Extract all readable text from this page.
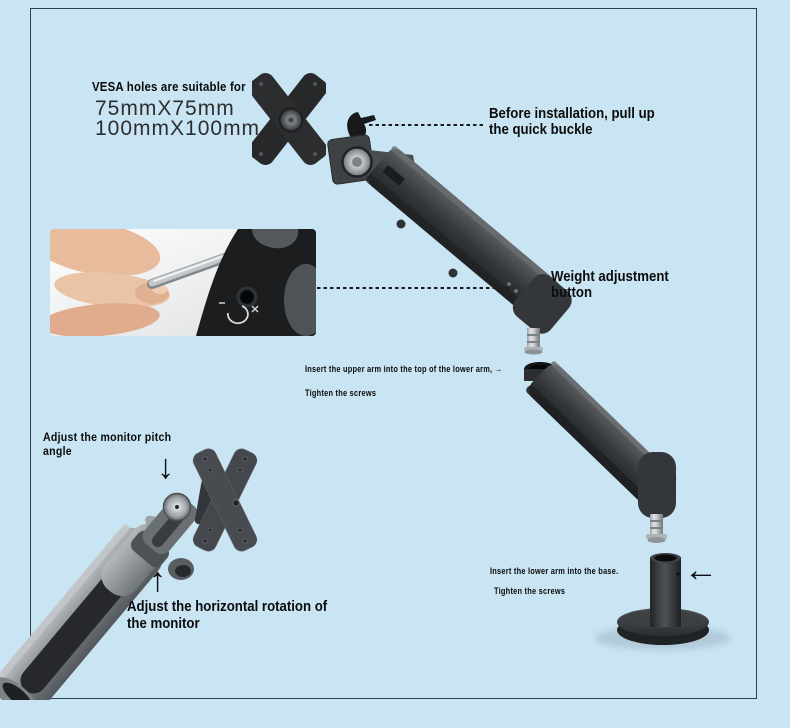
VESA holes are suitable for
75mmX75mm
100mmX100mm
Before installation, pull up
the quick buckle
Weight adjustment
button
Insert the upper arm into the top of the lower arm, →
Tighten the screws
Insert the lower arm into the base.
Tighten the screws
←
Adjust the monitor pitch
angle	↓
↑
Adjust the horizontal rotation of
the monitor
